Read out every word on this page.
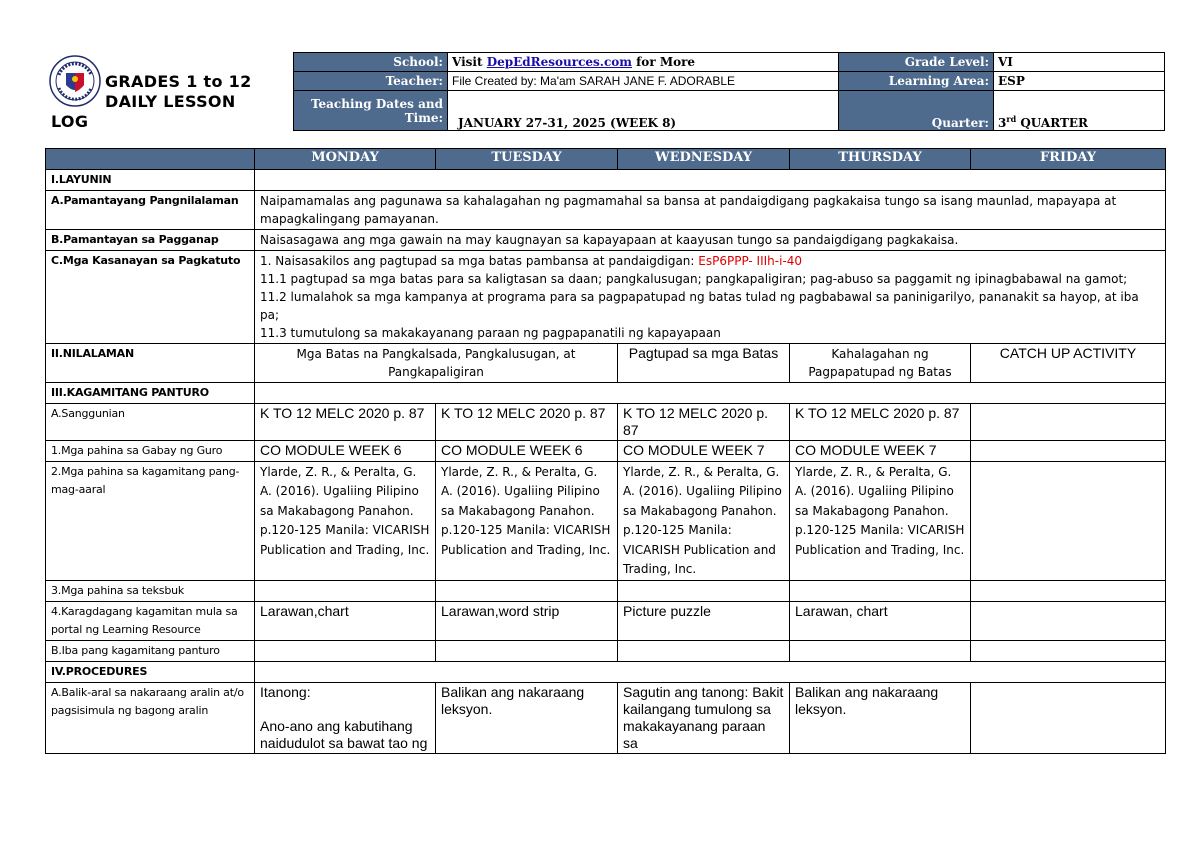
GRADES 1 to 12
DAILY LESSON
LOG
School:	Visit DepEdResources.com for More	Grade Level:	VI
Teacher:	File Created by: Ma'am SARAH JANE F. ADORABLE	Learning Area:	ESP
Teaching Dates and
Time:	JANUARY 27-31, 2025 (WEEK 8)	Quarter:	3rd QUARTER
	MONDAY	TUESDAY	WEDNESDAY	THURSDAY	FRIDAY
I.LAYUNIN					
A.Pamantayang Pangnilalaman	Naipamamalas ang pagunawa sa kahalagahan ng pagmamahal sa bansa at pandaigdigang pagkakaisa tungo sa isang maunlad, mapayapa at mapagkalingang pamayanan.				
B.Pamantayan sa Pagganap	Naisasagawa ang mga gawain na may kaugnayan sa kapayapaan at kaayusan tungo sa pandaigdigang pagkakaisa.				
C.Mga Kasanayan sa Pagkatuto	1. Naisasakilos ang pagtupad sa mga batas pambansa at pandaigdigan: EsP6PPP- IIIh-i-40
11.1 pagtupad sa mga batas para sa kaligtasan sa daan; pangkalusugan; pangkapaligiran; pag-abuso sa paggamit ng ipinagbabawal na gamot;
11.2 lumalahok sa mga kampanya at programa para sa pagpapatupad ng batas tulad ng pagbabawal sa paninigarilyo, pananakit sa hayop, at iba pa;
11.3 tumutulong sa makakayanang paraan ng pagpapanatili ng kapayapaan				

II.NILALAMAN	Mga Batas na Pangkalsada, Pangkalusugan, at Pangkapaligiran		Pagtupad sa mga Batas	Kahalagahan ng Pagpapatupad ng Batas	CATCH UP ACTIVITY
III.KAGAMITANG PANTURO					
A.Sanggunian	K TO 12 MELC 2020 p. 87	K TO 12 MELC 2020 p. 87	K TO 12 MELC 2020 p. 87	K TO 12 MELC 2020 p. 87	
1.Mga pahina sa Gabay ng Guro	CO MODULE WEEK 6	CO MODULE WEEK 6	CO MODULE WEEK 7	CO MODULE WEEK 7	
2.Mga pahina sa kagamitang pang-mag-aaral	Ylarde, Z. R., & Peralta, G. A. (2016). Ugaliing Pilipino sa Makabagong Panahon. p.120-125 Manila: VICARISH Publication and Trading, Inc.	Ylarde, Z. R., & Peralta, G. A. (2016). Ugaliing Pilipino sa Makabagong Panahon. p.120-125 Manila: VICARISH Publication and Trading, Inc.	Ylarde, Z. R., & Peralta, G. A. (2016). Ugaliing Pilipino sa Makabagong Panahon. p.120-125 Manila: VICARISH Publication and Trading, Inc.	Ylarde, Z. R., & Peralta, G. A. (2016). Ugaliing Pilipino sa Makabagong Panahon. p.120-125 Manila: VICARISH Publication and Trading, Inc.	
3.Mga pahina sa teksbuk					
4.Karagdagang kagamitan mula sa portal ng Learning Resource	Larawan,chart	Larawan,word strip	Picture puzzle	Larawan, chart	
B.Iba pang kagamitang panturo					
IV.PROCEDURES					
A.Balik-aral sa nakaraang aralin at/o pagsisimula ng bagong aralin	Itanong:
Ano-ano ang kabutihang naidudulot sa bawat tao ng	Balikan ang nakaraang leksyon.	Sagutin ang tanong: Bakit kailangang tumulong sa makakayanang paraan sa	Balikan ang nakaraang leksyon.	
